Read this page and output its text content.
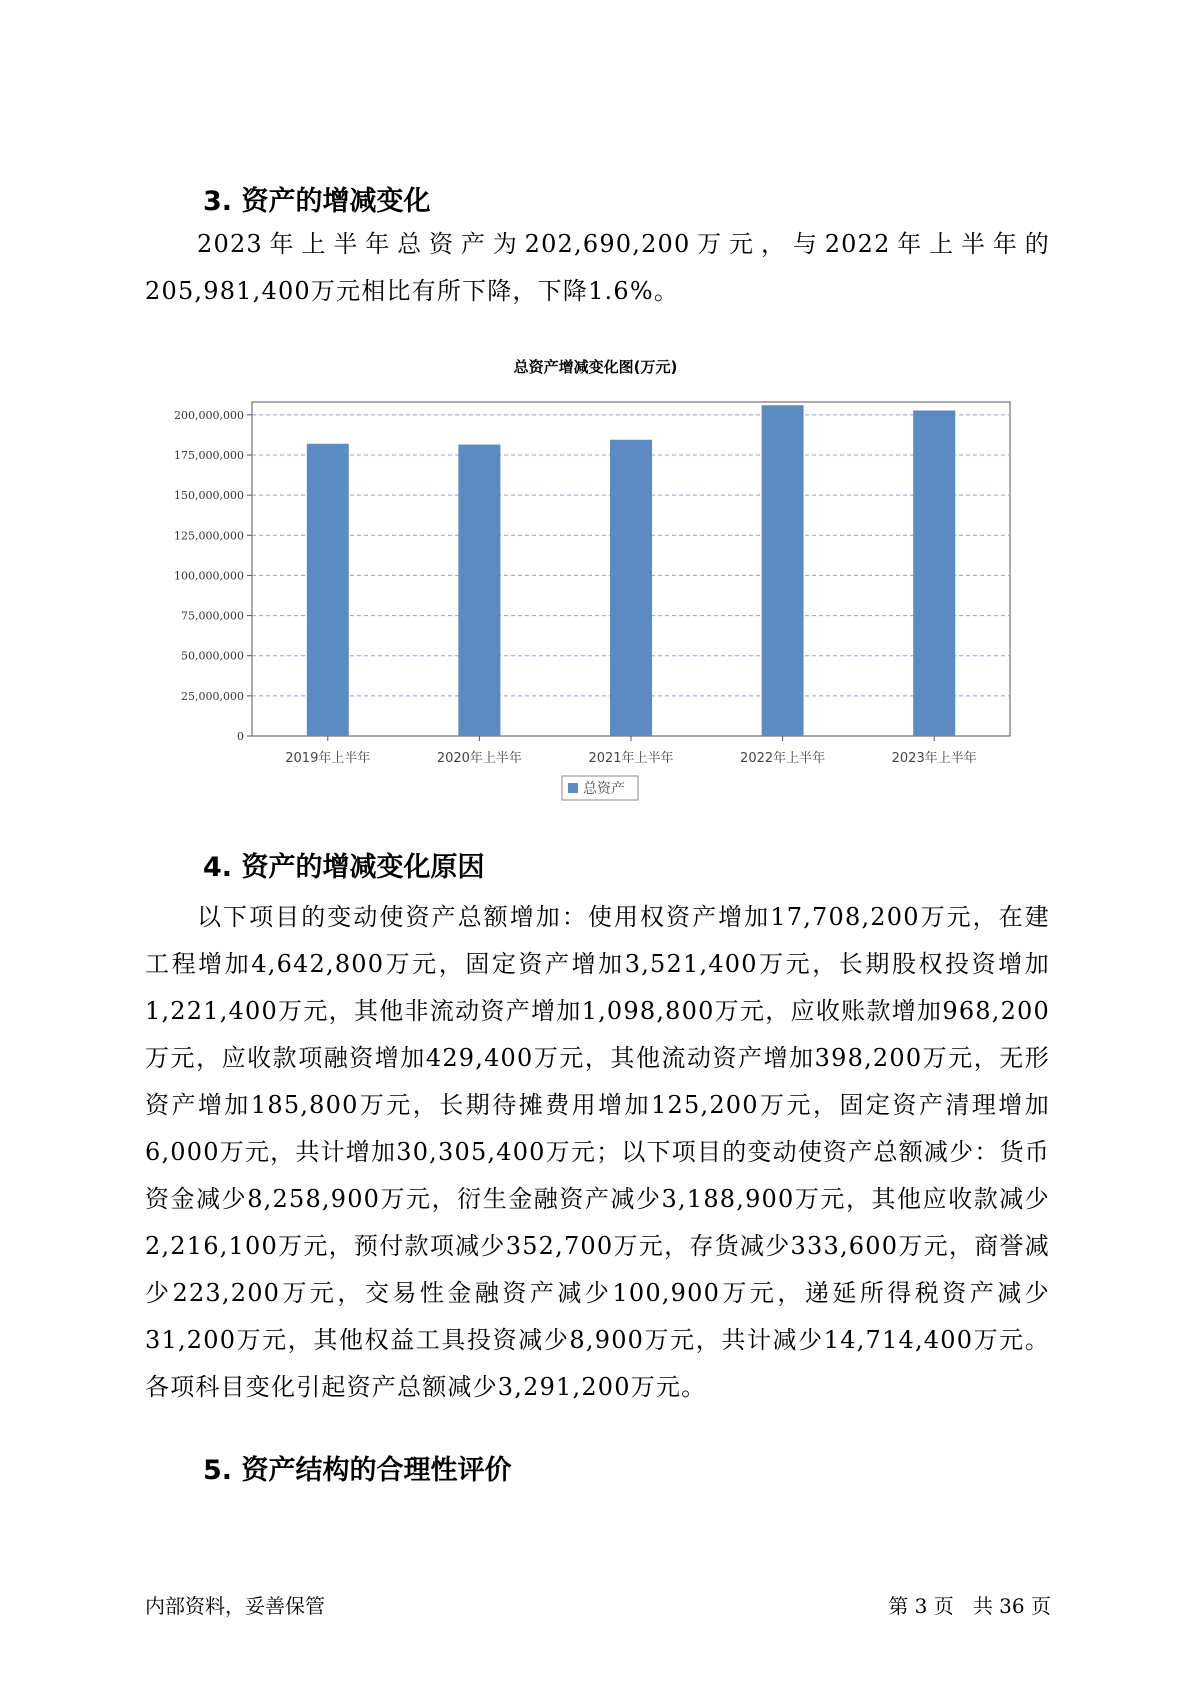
3. 资产的增减变化

2023年上半年总资产为202,690,200万元，与2022年上半年的205,981,400万元相比有所下降，下降1.6%。

总资产增减变化图(万元)
0
25,000,000
50,000,000
75,000,000
100,000,000
125,000,000
150,000,000
175,000,000
200,000,000
2019年上半年	2020年上半年	2021年上半年	2022年上半年	2023年上半年
总资产
4. 资产的增减变化原因

以下项目的变动使资产总额增加：使用权资产增加17,708,200万元，在建工程增加4,642,800万元，固定资产增加3,521,400万元，长期股权投资增加1,221,400万元，其他非流动资产增加1,098,800万元，应收账款增加968,200万元，应收款项融资增加429,400万元，其他流动资产增加398,200万元，无形资产增加185,800万元，长期待摊费用增加125,200万元，固定资产清理增加6,000万元，共计增加30,305,400万元；以下项目的变动使资产总额减少：货币资金减少8,258,900万元，衍生金融资产减少3,188,900万元，其他应收款减少2,216,100万元，预付款项减少352,700万元，存货减少333,600万元，商誉减少223,200万元，交易性金融资产减少100,900万元，递延所得税资产减少31,200万元，其他权益工具投资减少8,900万元，共计减少14,714,400万元。各项科目变化引起资产总额减少3,291,200万元。

5. 资产结构的合理性评价
内部资料，妥善保管	第 3 页   共 36 页
